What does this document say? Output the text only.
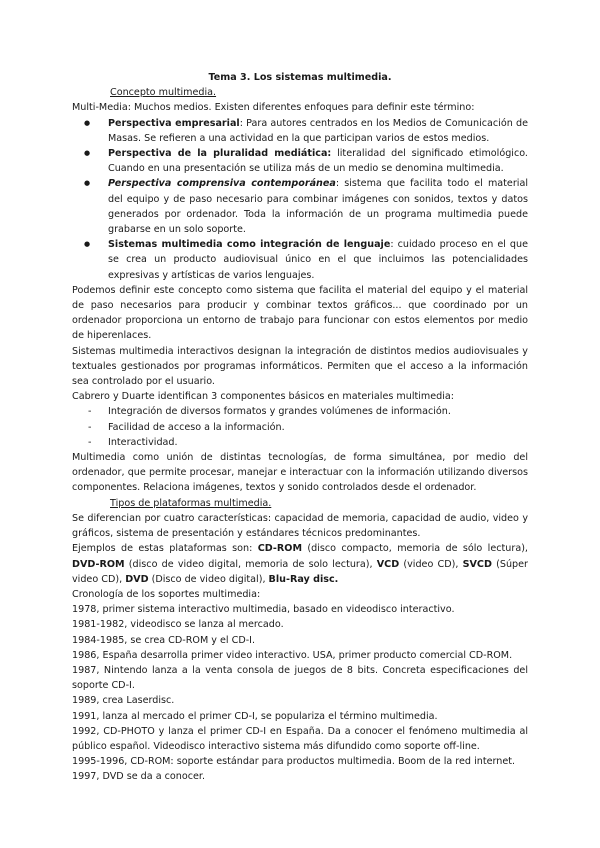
Tema 3. Los sistemas multimedia.

Concepto multimedia.

Multi-Media: Muchos medios. Existen diferentes enfoques para definir este término:

● Perspectiva empresarial: Para autores centrados en los Medios de Comunicación de Masas. Se refieren a una actividad en la que participan varios de estos medios.
● Perspectiva de la pluralidad mediática: literalidad del significado etimológico. Cuando en una presentación se utiliza más de un medio se denomina multimedia.
● Perspectiva comprensiva contemporánea: sistema que facilita todo el material del equipo y de paso necesario para combinar imágenes con sonidos, textos y datos generados por ordenador. Toda la información de un programa multimedia puede grabarse en un solo soporte.
● Sistemas multimedia como integración de lenguaje: cuidado proceso en el que se crea un producto audiovisual único en el que incluimos las potencialidades expresivas y artísticas de varios lenguajes.

Podemos definir este concepto como sistema que facilita el material del equipo y el material de paso necesarios para producir y combinar textos gráficos... que coordinado por un ordenador proporciona un entorno de trabajo para funcionar con estos elementos por medio de hiperenlaces.

Sistemas multimedia interactivos designan la integración de distintos medios audiovisuales y textuales gestionados por programas informáticos. Permiten que el acceso a la información sea controlado por el usuario.

Cabrero y Duarte identifican 3 componentes básicos en materiales multimedia:

- Integración de diversos formatos y grandes volúmenes de información.
- Facilidad de acceso a la información.
- Interactividad.

Multimedia como unión de distintas tecnologías, de forma simultánea, por medio del ordenador, que permite procesar, manejar e interactuar con la información utilizando diversos componentes. Relaciona imágenes, textos y sonido controlados desde el ordenador.

Tipos de plataformas multimedia.

Se diferencian por cuatro características: capacidad de memoria, capacidad de audio, video y gráficos, sistema de presentación y estándares técnicos predominantes.

Ejemplos de estas plataformas son: CD-ROM (disco compacto, memoria de sólo lectura), DVD-ROM (disco de video digital, memoria de solo lectura), VCD (video CD), SVCD (Súper video CD), DVD (Disco de video digital), Blu-Ray disc.

Cronología de los soportes multimedia:

1978, primer sistema interactivo multimedia, basado en videodisco interactivo.

1981-1982, videodisco se lanza al mercado.

1984-1985, se crea CD-ROM y el CD-I.

1986, España desarrolla primer video interactivo. USA, primer producto comercial CD-ROM.

1987, Nintendo lanza a la venta consola de juegos de 8 bits. Concreta especificaciones del soporte CD-I.

1989, crea Laserdisc.

1991, lanza al mercado el primer CD-I, se populariza el término multimedia.

1992, CD-PHOTO y lanza el primer CD-I en España. Da a conocer el fenómeno multimedia al público español. Videodisco interactivo sistema más difundido como soporte off-line.

1995-1996, CD-ROM: soporte estándar para productos multimedia. Boom de la red internet.

1997, DVD se da a conocer.
